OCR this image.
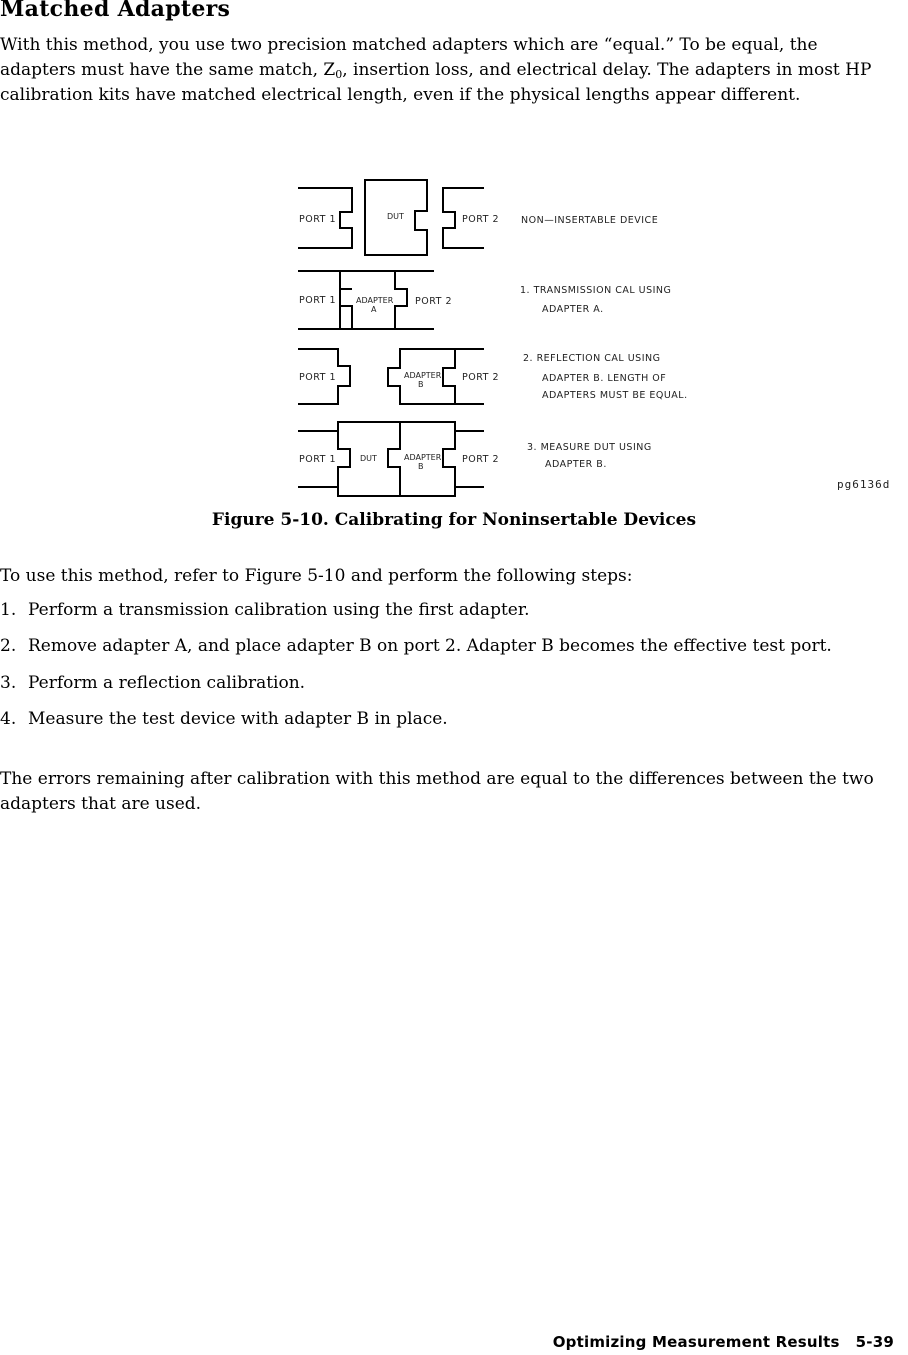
Matched Adapters

With this method, you use two precision matched adapters which are “equal.” To be equal, the adapters must have the same match, $Z_0$, insertion loss, and electrical delay. The adapters in most HP calibration kits have matched electrical length, even if the physical lengths appear different.

PORT 1	DUT	PORT 2 NON—INSERTABLE DEVICE
PORT 1	ADAPTER
A
PORT 2
1. TRANSMISSION CAL USING
ADAPTER A.
PORT 1	ADAPTER
B
PORT 2
2. REFLECTION CAL USING
ADAPTER B. LENGTH OF
ADAPTERS MUST BE EQUAL.
PORT 1	DUT	ADAPTER
B
PORT 2
3. MEASURE DUT USING
ADAPTER B.
pg6136d

Figure 5-10. Calibrating for Noninsertable Devices

To use this method, refer to Figure 5-10 and perform the following steps:

1. Perform a transmission calibration using the first adapter.
2. Remove adapter A, and place adapter B on port 2. Adapter B becomes the effective test port.
3. Perform a reflection calibration.
4. Measure the test device with adapter B in place.

The errors remaining after calibration with this method are equal to the differences between the two adapters that are used.

Optimizing Measurement Results 5-39
